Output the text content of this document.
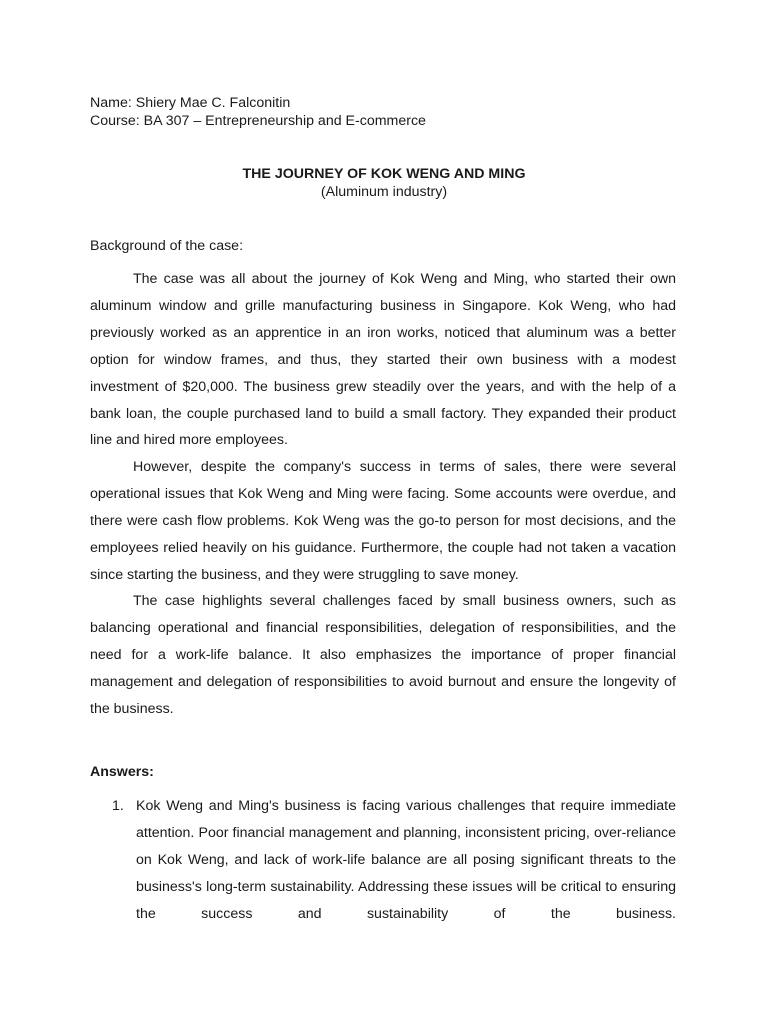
Name: Shiery Mae C. Falconitin
Course: BA 307 – Entrepreneurship and E-commerce
THE JOURNEY OF KOK WENG AND MING
(Aluminum industry)
Background of the case:

The case was all about the journey of Kok Weng and Ming, who started their own aluminum window and grille manufacturing business in Singapore. Kok Weng, who had previously worked as an apprentice in an iron works, noticed that aluminum was a better option for window frames, and thus, they started their own business with a modest investment of $20,000. The business grew steadily over the years, and with the help of a bank loan, the couple purchased land to build a small factory. They expanded their product line and hired more employees.

However, despite the company's success in terms of sales, there were several operational issues that Kok Weng and Ming were facing. Some accounts were overdue, and there were cash flow problems. Kok Weng was the go-to person for most decisions, and the employees relied heavily on his guidance. Furthermore, the couple had not taken a vacation since starting the business, and they were struggling to save money.

The case highlights several challenges faced by small business owners, such as balancing operational and financial responsibilities, delegation of responsibilities, and the need for a work-life balance. It also emphasizes the importance of proper financial management and delegation of responsibilities to avoid burnout and ensure the longevity of the business.

Answers:
1. Kok Weng and Ming's business is facing various challenges that require immediate attention. Poor financial management and planning, inconsistent pricing, over-reliance on Kok Weng, and lack of work-life balance are all posing significant threats to the business's long-term sustainability. Addressing these issues will be critical to ensuring the success and sustainability of the business.
